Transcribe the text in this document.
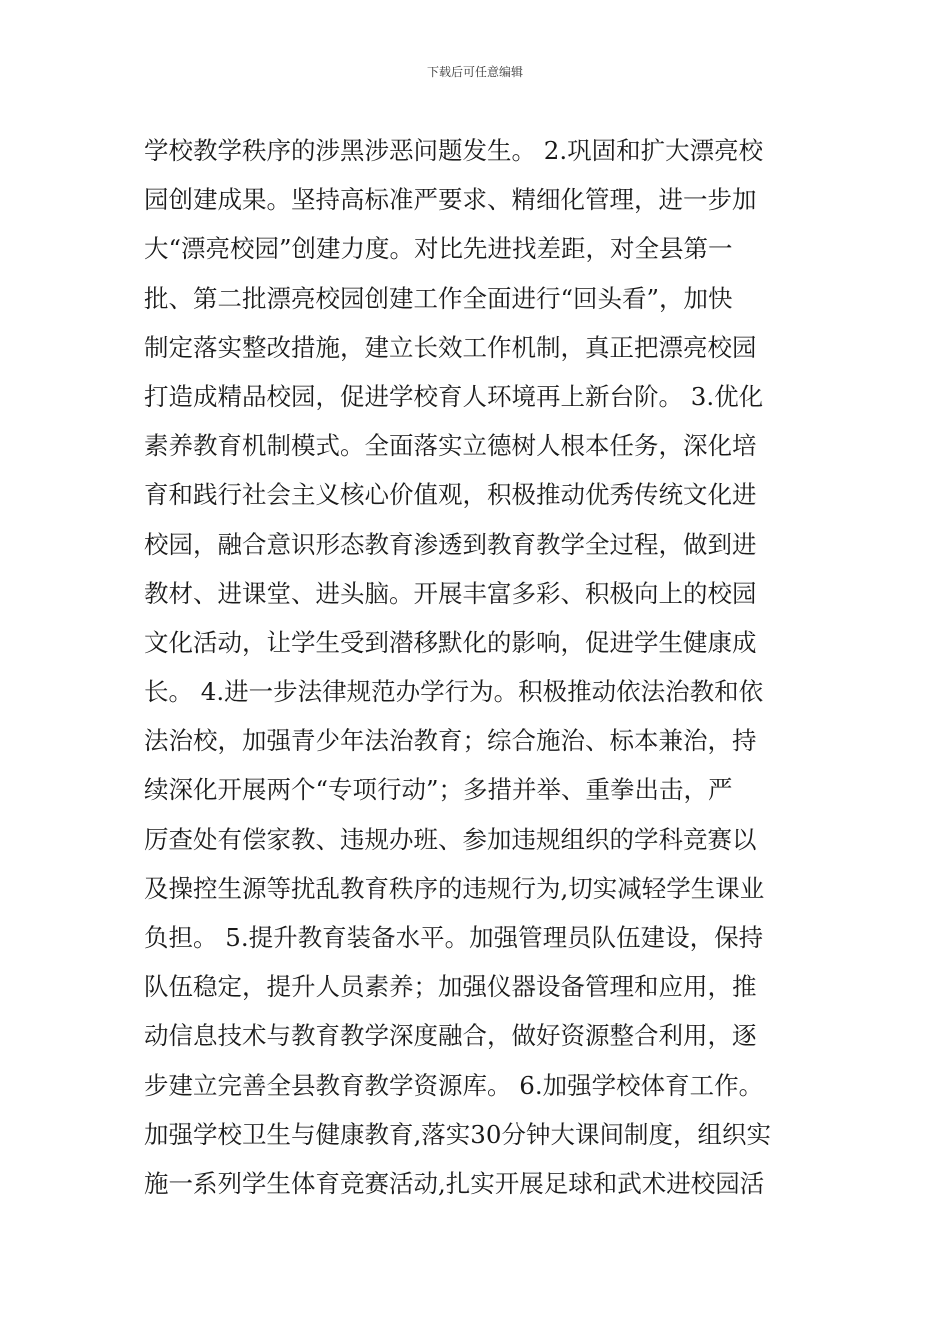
下载后可任意编辑
学校教学秩序的涉黑涉恶问题发生。 2.巩固和扩大漂亮校
园创建成果。坚持高标准严要求、精细化管理，进一步加
大“漂亮校园”创建力度。对比先进找差距，对全县第一
批、第二批漂亮校园创建工作全面进行“回头看”，加快
制定落实整改措施，建立长效工作机制，真正把漂亮校园
打造成精品校园，促进学校育人环境再上新台阶。 3.优化
素养教育机制模式。全面落实立德树人根本任务，深化培
育和践行社会主义核心价值观，积极推动优秀传统文化进
校园，融合意识形态教育渗透到教育教学全过程，做到进
教材、进课堂、进头脑。开展丰富多彩、积极向上的校园
文化活动，让学生受到潜移默化的影响，促进学生健康成
长。 4.进一步法律规范办学行为。积极推动依法治教和依
法治校，加强青少年法治教育；综合施治、标本兼治，持
续深化开展两个“专项行动”；多措并举、重拳出击，严
厉查处有偿家教、违规办班、参加违规组织的学科竞赛以
及操控生源等扰乱教育秩序的违规行为,切实减轻学生课业
负担。 5.提升教育装备水平。加强管理员队伍建设，保持
队伍稳定，提升人员素养；加强仪器设备管理和应用，推
动信息技术与教育教学深度融合，做好资源整合利用，逐
步建立完善全县教育教学资源库。 6.加强学校体育工作。
加强学校卫生与健康教育,落实30分钟大课间制度，组织实
施一系列学生体育竞赛活动,扎实开展足球和武术进校园活
